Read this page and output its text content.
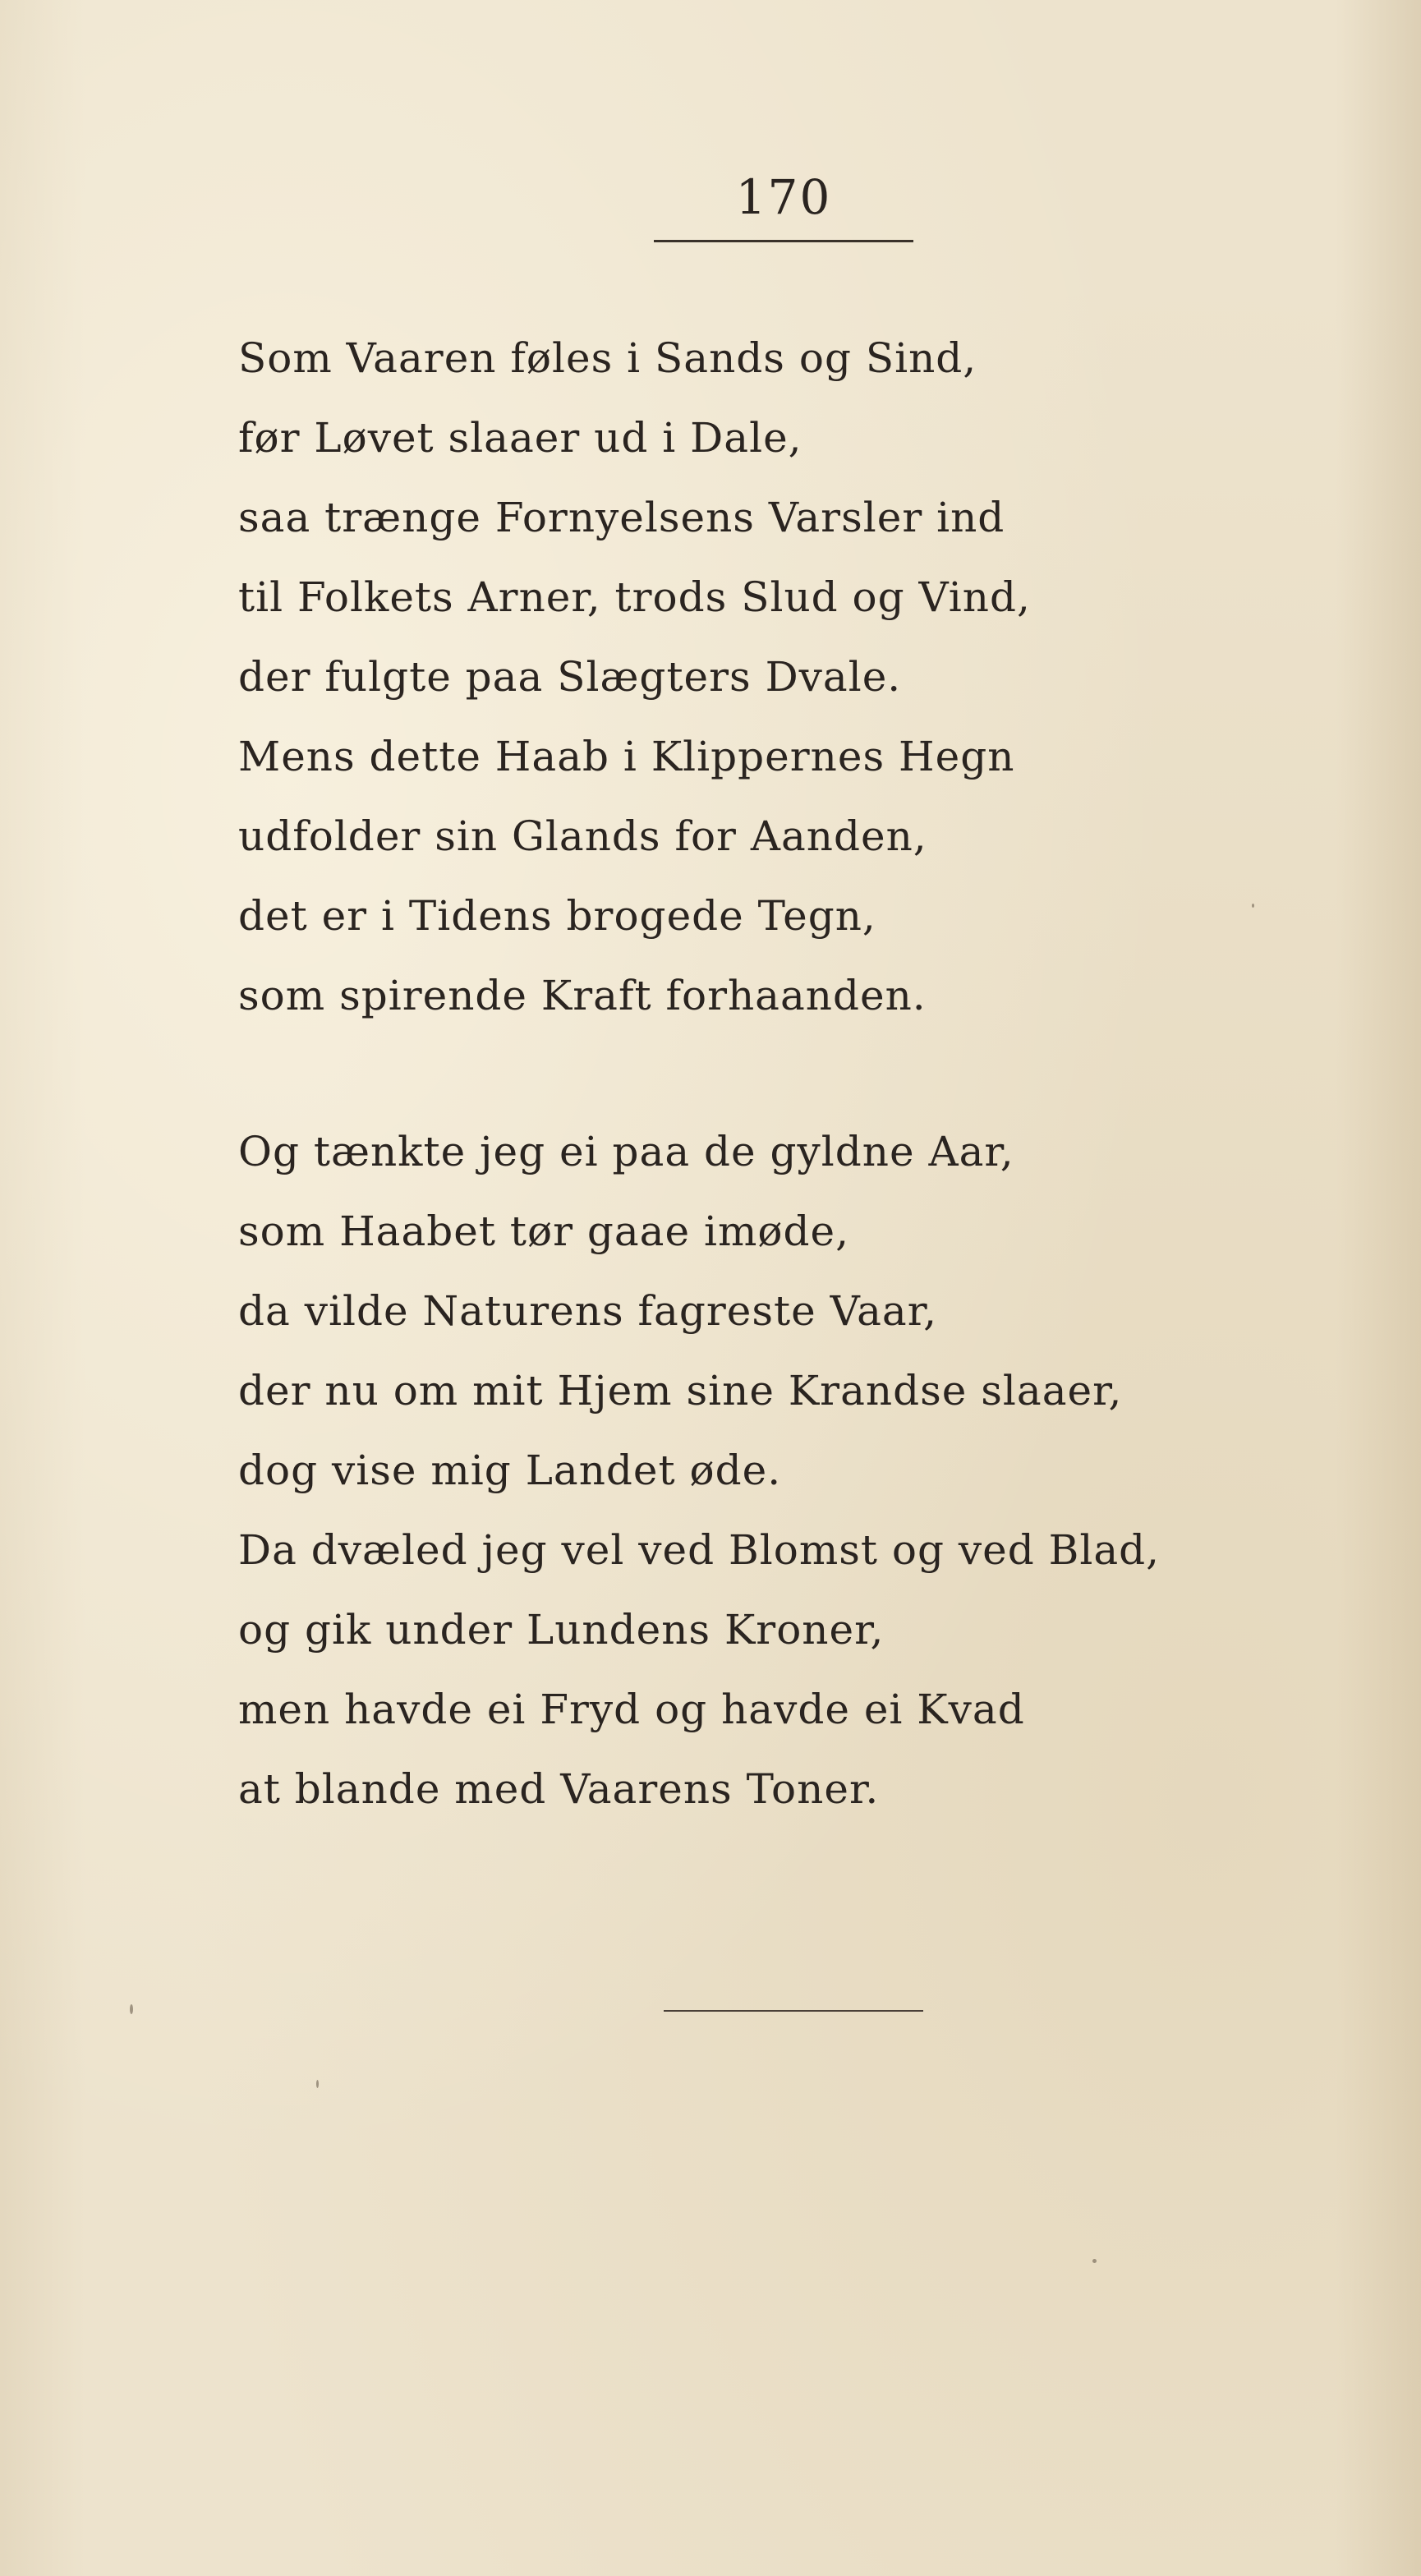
170
Som Vaaren føles i Sands og Sind,
før Løvet slaaer ud i Dale,
saa trænge Fornyelsens Varsler ind
til Folkets Arner, trods Slud og Vind,
der fulgte paa Slægters Dvale.
Mens dette Haab i Klippernes Hegn
udfolder sin Glands for Aanden,
det er i Tidens brogede Tegn,
som spirende Kraft forhaanden.
Og tænkte jeg ei paa de gyldne Aar,
som Haabet tør gaae imøde,
da vilde Naturens fagreste Vaar,
der nu om mit Hjem sine Krandse slaaer,
dog vise mig Landet øde.
Da dvæled jeg vel ved Blomst og ved Blad,
og gik under Lundens Kroner,
men havde ei Fryd og havde ei Kvad
at blande med Vaarens Toner.
